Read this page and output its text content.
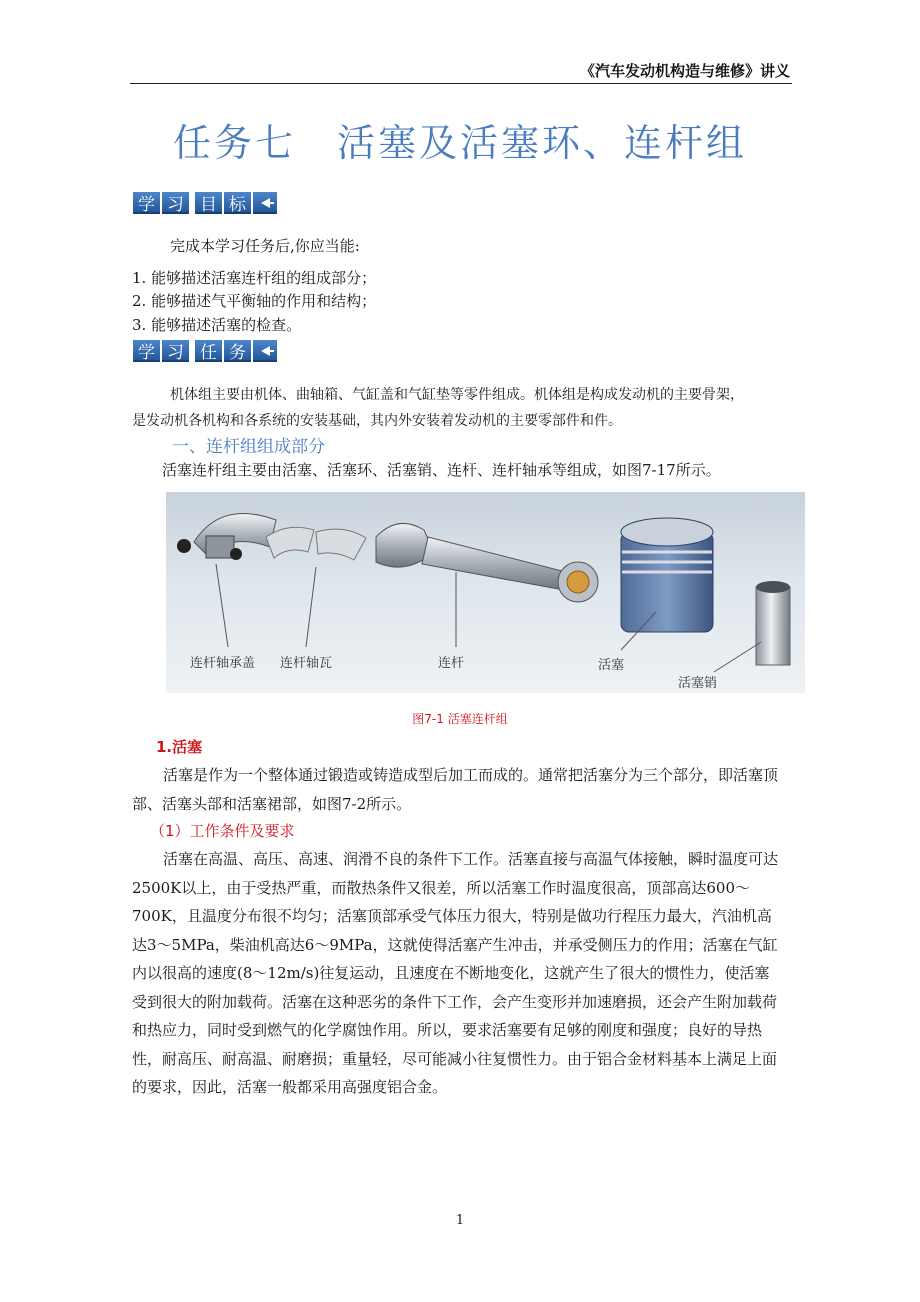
《汽车发动机构造与维修》讲义
任务七　活塞及活塞环、连杆组
学 习 目 标
完成本学习任务后,你应当能:
1. 能够描述活塞连杆组的组成部分；
2. 能够描述气平衡轴的作用和结构；
3. 能够描述活塞的检查。
学 习 任 务
机体组主要由机体、曲轴箱、气缸盖和气缸垫等零件组成。机体组是构成发动机的主要骨架，
是发动机各机构和各系统的安装基础，其内外安装着发动机的主要零部件和件。
一、连杆组组成部分
活塞连杆组主要由活塞、活塞环、活塞销、连杆、连杆轴承等组成，如图7-17所示。
连杆轴承盖 连杆轴瓦	连杆	活塞
活塞销
图7-1 活塞连杆组
1.活塞
活塞是作为一个整体通过锻造或铸造成型后加工而成的。通常把活塞分为三个部分，即活塞顶部、活塞头部和活塞裙部，如图7-2所示。
（1）工作条件及要求
活塞在高温、高压、高速、润滑不良的条件下工作。活塞直接与高温气体接触，瞬时温度可达2500K以上，由于受热严重，而散热条件又很差，所以活塞工作时温度很高，顶部高达600～700K，且温度分布很不均匀；活塞顶部承受气体压力很大，特别是做功行程压力最大，汽油机高达3～5MPa，柴油机高达6～9MPa，这就使得活塞产生冲击，并承受侧压力的作用；活塞在气缸内以很高的速度(8～12m/s)往复运动，且速度在不断地变化，这就产生了很大的惯性力，使活塞受到很大的附加载荷。活塞在这种恶劣的条件下工作，会产生变形并加速磨损，还会产生附加载荷和热应力，同时受到燃气的化学腐蚀作用。所以，要求活塞要有足够的刚度和强度；良好的导热性，耐高压、耐高温、耐磨损；重量轻，尽可能减小往复惯性力。由于铝合金材料基本上满足上面的要求，因此，活塞一般都采用高强度铝合金。
1
